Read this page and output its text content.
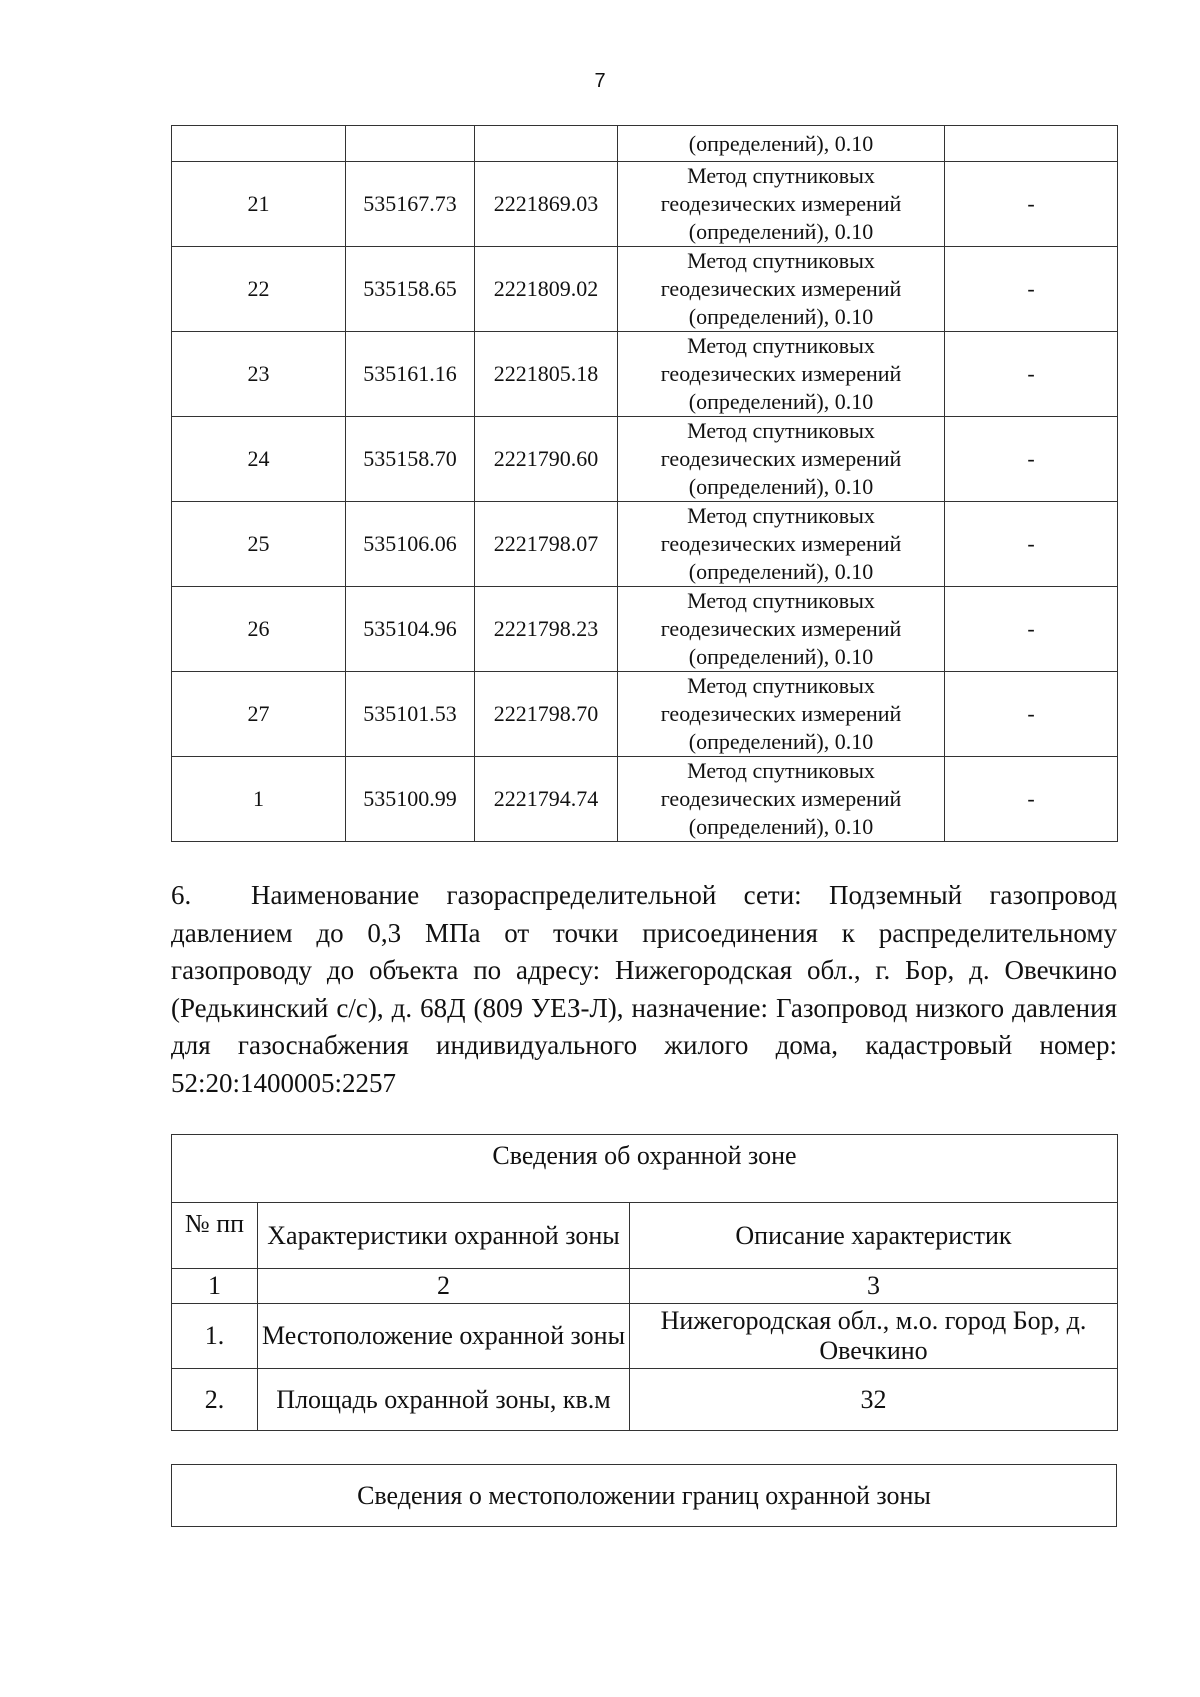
7
			(определений), 0.10	
21	535167.73	2221869.03	Метод спутниковых
геодезических измерений
(определений), 0.10	-
22	535158.65	2221809.02	Метод спутниковых
геодезических измерений
(определений), 0.10	-
23	535161.16	2221805.18	Метод спутниковых
геодезических измерений
(определений), 0.10	-
24	535158.70	2221790.60	Метод спутниковых
геодезических измерений
(определений), 0.10	-
25	535106.06	2221798.07	Метод спутниковых
геодезических измерений
(определений), 0.10	-
26	535104.96	2221798.23	Метод спутниковых
геодезических измерений
(определений), 0.10	-
27	535101.53	2221798.70	Метод спутниковых
геодезических измерений
(определений), 0.10	-
1	535100.99	2221794.74	Метод спутниковых
геодезических измерений
(определений), 0.10	-
6. Наименование газораспределительной сети: Подземный газопровод давлением до 0,3 МПа от точки присоединения к распределительному газопроводу до объекта по адресу: Нижегородская обл., г. Бор, д. Овечкино (Редькинский с/с), д. 68Д (809 УЕЗ-Л), назначение: Газопровод низкого давления для газоснабжения индивидуального жилого дома, кадастровый номер: 52:20:1400005:2257
Сведения об охранной зоне		
№ пп	Характеристики охранной зоны	Описание характеристик
1	2	3
1.	Местоположение охранной зоны	Нижегородская обл., м.о. город Бор, д. Овечкино
2.	Площадь охранной зоны, кв.м	32
Сведения о местоположении границ охранной зоны
